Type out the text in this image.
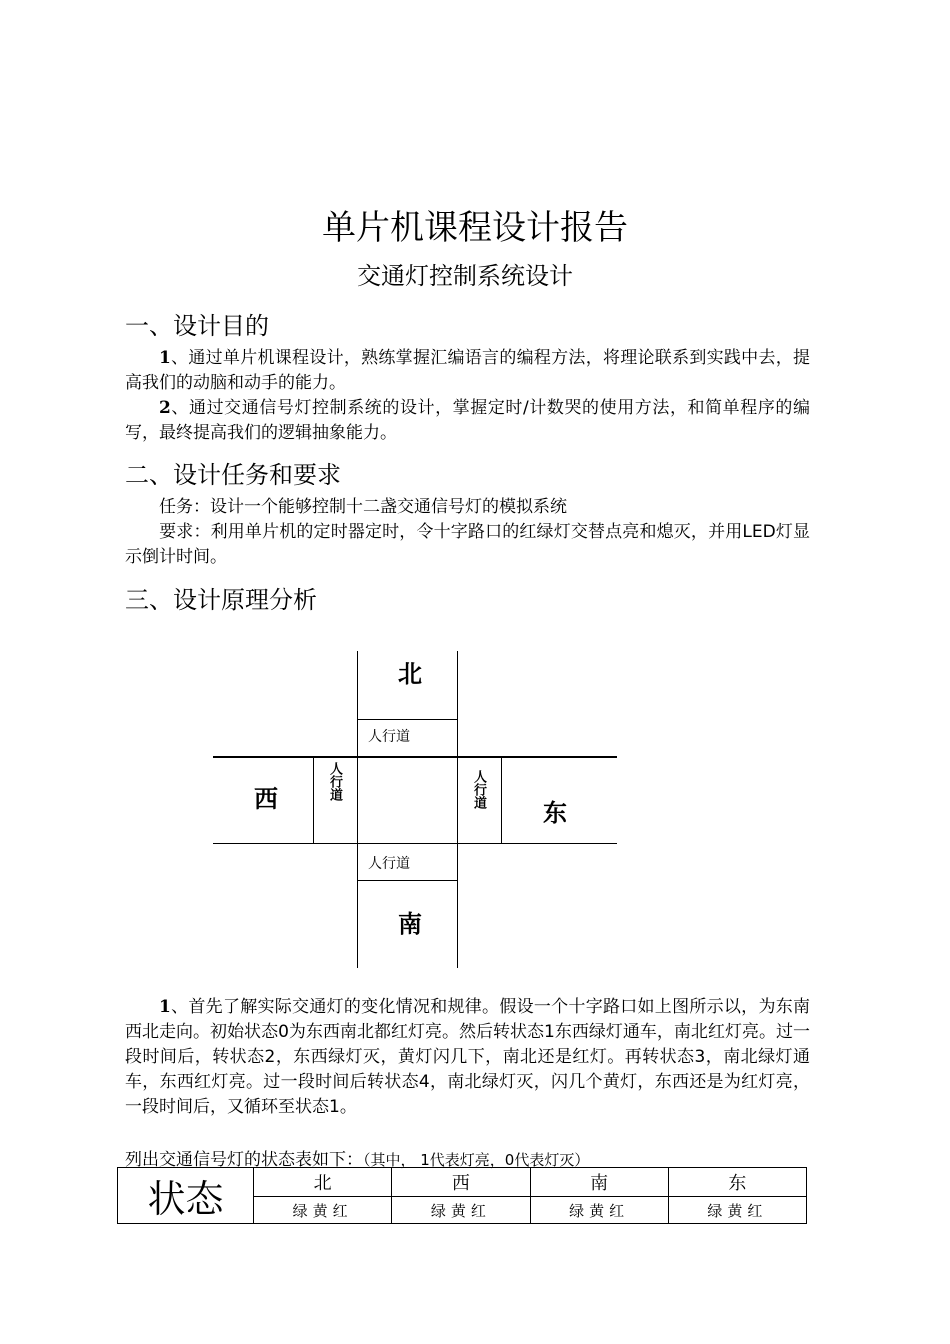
单片机课程设计报告
交通灯控制系统设计
一、设计目的
1、通过单片机课程设计，熟练掌握汇编语言的编程方法，将理论联系到实践中去，提高我们的动脑和动手的能力。
2、通过交通信号灯控制系统的设计，掌握定时/计数哭的使用方法，和简单程序的编写，最终提高我们的逻辑抽象能力。
二、设计任务和要求
任务：设计一个能够控制十二盏交通信号灯的模拟系统
要求：利用单片机的定时器定时，令十字路口的红绿灯交替点亮和熄灭，并用LED灯显示倒计时间。
三、设计原理分析
北
南
西	东
人行道
人行道
人行道	人行道
1、首先了解实际交通灯的变化情况和规律。假设一个十字路口如上图所示以，为东南西北走向。初始状态0为东西南北都红灯亮。然后转状态1东西绿灯通车，南北红灯亮。过一段时间后，转状态2，东西绿灯灭，黄灯闪几下，南北还是红灯。再转状态3，南北绿灯通车，东西红灯亮。过一段时间后转状态4，南北绿灯灭，闪几个黄灯，东西还是为红灯亮，一段时间后，又循环至状态1。
列出交通信号灯的状态表如下：（其中， 1代表灯亮，0代表灯灭）
状态	北	西	南	东
	绿黄红	绿黄红	绿黄红	绿黄红
